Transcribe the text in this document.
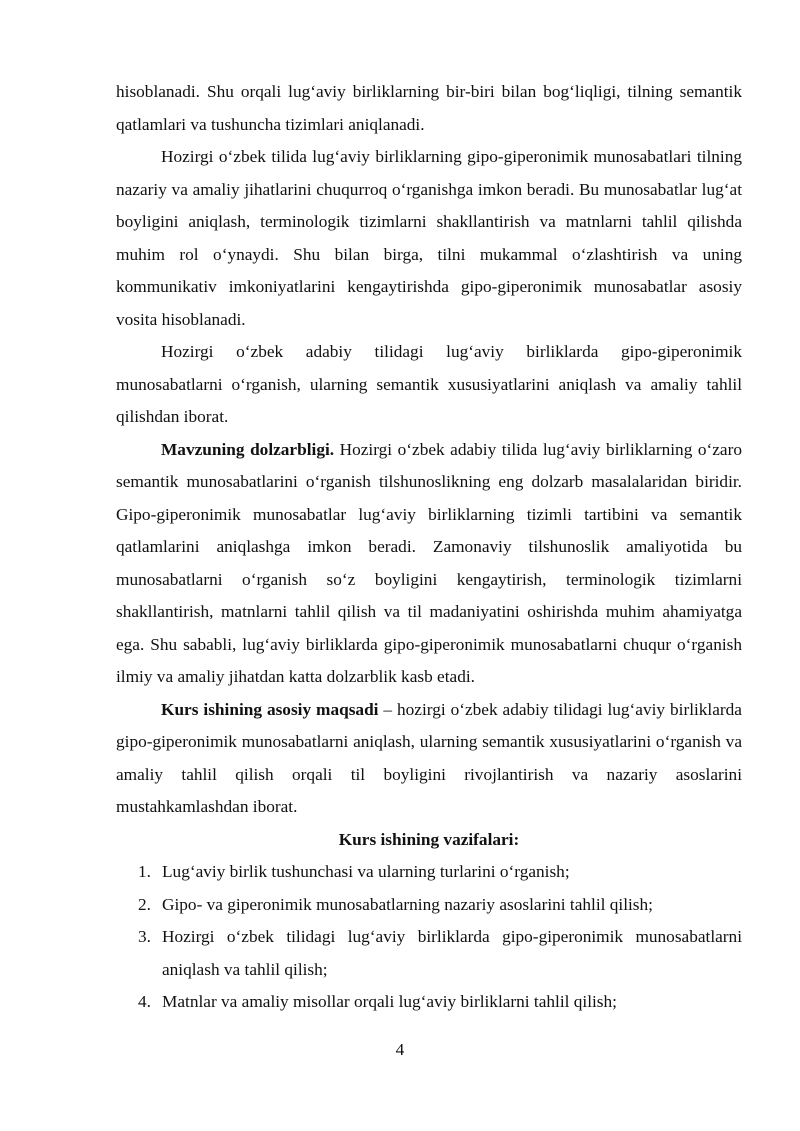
hisoblanadi. Shu orqali lug‘aviy birliklarning bir-biri bilan bog‘liqligi, tilning semantik qatlamlari va tushuncha tizimlari aniqlanadi.

Hozirgi o‘zbek tilida lug‘aviy birliklarning gipo-giperonimik munosabatlari tilning nazariy va amaliy jihatlarini chuqurroq o‘rganishga imkon beradi. Bu munosabatlar lug‘at boyligini aniqlash, terminologik tizimlarni shakllantirish va matnlarni tahlil qilishda muhim rol o‘ynaydi. Shu bilan birga, tilni mukammal o‘zlashtirish va uning kommunikativ imkoniyatlarini kengaytirishda gipo-giperonimik munosabatlar asosiy vosita hisoblanadi.

Hozirgi o‘zbek adabiy tilidagi lug‘aviy birliklarda gipo-giperonimik munosabatlarni o‘rganish, ularning semantik xususiyatlarini aniqlash va amaliy tahlil qilishdan iborat.

Mavzuning dolzarbligi. Hozirgi o‘zbek adabiy tilida lug‘aviy birliklarning o‘zaro semantik munosabatlarini o‘rganish tilshunoslikning eng dolzarb masalalaridan biridir. Gipo-giperonimik munosabatlar lug‘aviy birliklarning tizimli tartibini va semantik qatlamlarini aniqlashga imkon beradi. Zamonaviy tilshunoslik amaliyotida bu munosabatlarni o‘rganish so‘z boyligini kengaytirish, terminologik tizimlarni shakllantirish, matnlarni tahlil qilish va til madaniyatini oshirishda muhim ahamiyatga ega. Shu sababli, lug‘aviy birliklarda gipo-giperonimik munosabatlarni chuqur o‘rganish ilmiy va amaliy jihatdan katta dolzarblik kasb etadi.

Kurs ishining asosiy maqsadi – hozirgi o‘zbek adabiy tilidagi lug‘aviy birliklarda gipo-giperonimik munosabatlarni aniqlash, ularning semantik xususiyatlarini o‘rganish va amaliy tahlil qilish orqali til boyligini rivojlantirish va nazariy asoslarini mustahkamlashdan iborat.

Kurs ishining vazifalari:

1. Lug‘aviy birlik tushunchasi va ularning turlarini o‘rganish;
2. Gipo- va giperonimik munosabatlarning nazariy asoslarini tahlil qilish;
3. Hozirgi o‘zbek tilidagi lug‘aviy birliklarda gipo-giperonimik munosabatlarni aniqlash va tahlil qilish;
4. Matnlar va amaliy misollar orqali lug‘aviy birliklarni tahlil qilish;
4
